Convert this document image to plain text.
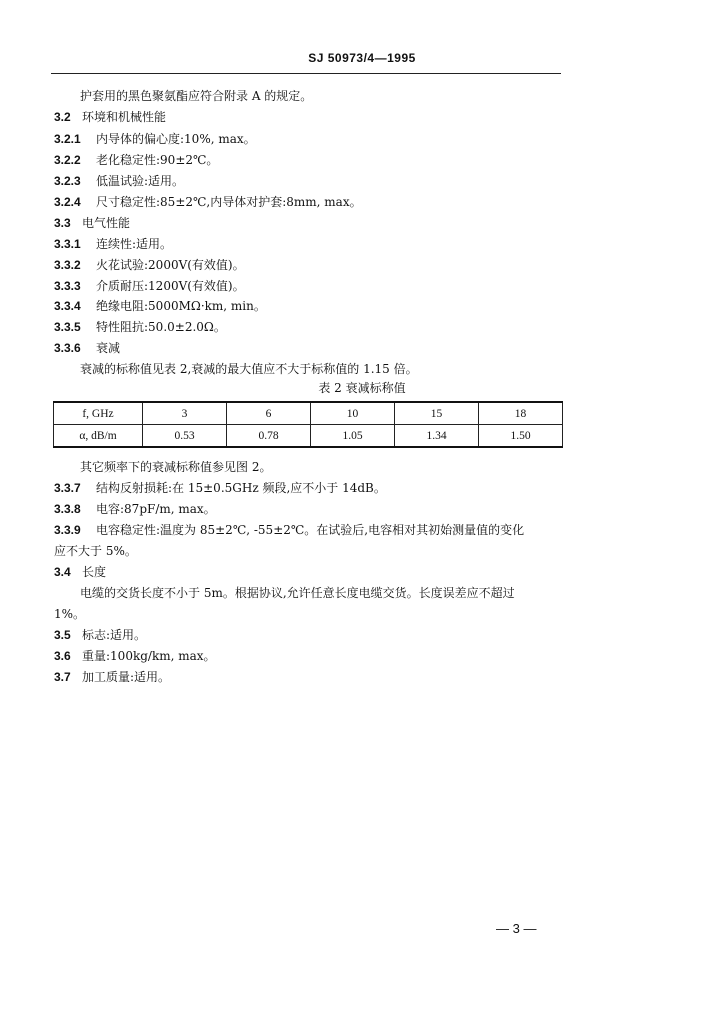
SJ 50973/4—1995
护套用的黑色聚氨酯应符合附录 A 的规定。
3.2 环境和机械性能
3.2.1 内导体的偏心度:10%, max。
3.2.2 老化稳定性:90±2℃。
3.2.3 低温试验:适用。
3.2.4 尺寸稳定性:85±2℃,内导体对护套:8mm, max。
3.3 电气性能
3.3.1 连续性:适用。
3.3.2 火花试验:2000V(有效值)。
3.3.3 介质耐压:1200V(有效值)。
3.3.4 绝缘电阻:5000MΩ·km, min。
3.3.5 特性阻抗:50.0±2.0Ω。
3.3.6 衰减
衰减的标称值见表 2,衰减的最大值应不大于标称值的 1.15 倍。
表 2 衰减标称值
f, GHz	3	6	10	15	18
α, dB/m	0.53	0.78	1.05	1.34	1.50
其它频率下的衰减标称值参见图 2。
3.3.7 结构反射损耗:在 15±0.5GHz 频段,应不小于 14dB。
3.3.8 电容:87pF/m, max。
3.3.9 电容稳定性:温度为 85±2℃, -55±2℃。在试验后,电容相对其初始测量值的变化
应不大于 5%。
3.4 长度
电缆的交货长度不小于 5m。根据协议,允许任意长度电缆交货。长度误差应不超过
1%。
3.5 标志:适用。
3.6 重量:100kg/km, max。
3.7 加工质量:适用。
— 3 —
